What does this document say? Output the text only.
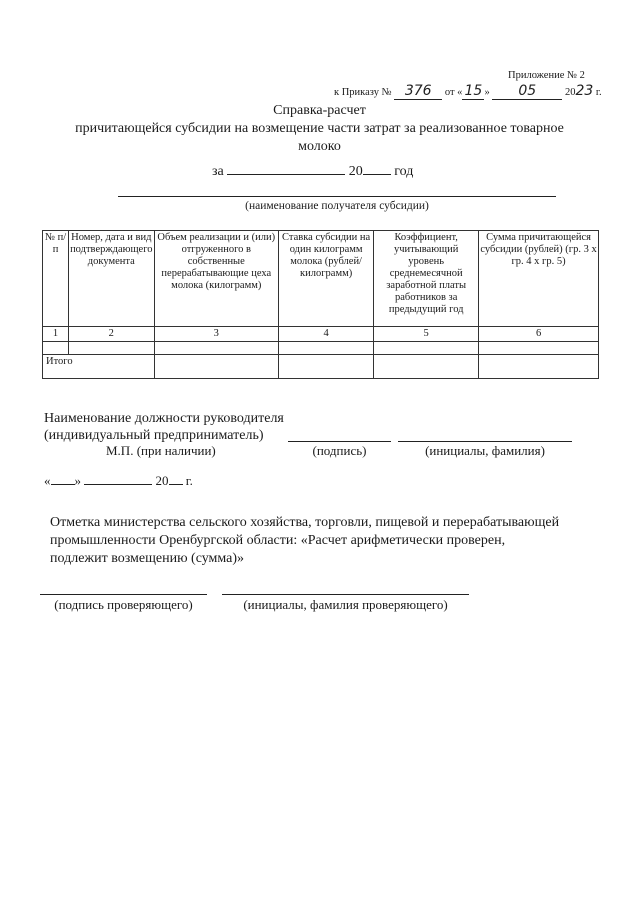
Приложение № 2
к Приказу № 376 от « 15 » 05	2023 г.
Справка-расчет
причитающейся субсидии на возмещение части затрат за реализованное товарное
молоко
за	20 год
(наименование получателя субсидии)
№ п/п	Номер, дата и вид подтверждающего документа	Объем реализации и (или) отгруженного в собственные перерабатывающие цеха молока (килограмм)	Ставка субсидии на один килограмм молока (рублей/ килограмм)	Коэффициент, учитывающий уровень среднемесячной заработной платы работников за предыдущий год	Сумма причитающейся субсидии (рублей) (гр. 3 х гр. 4 х гр. 5)
1	2	3	4	5	6

Итого					
Наименование должности руководителя
(индивидуальный предприниматель)
М.П. (при наличии)	(подпись)	(инициалы, фамилия)
« »	20 г.
Отметка министерства сельского хозяйства, торговли, пищевой и перерабатывающей
промышленности Оренбургской области: «Расчет арифметически проверен,
подлежит возмещению (сумма)»
(подпись проверяющего)	(инициалы, фамилия проверяющего)
